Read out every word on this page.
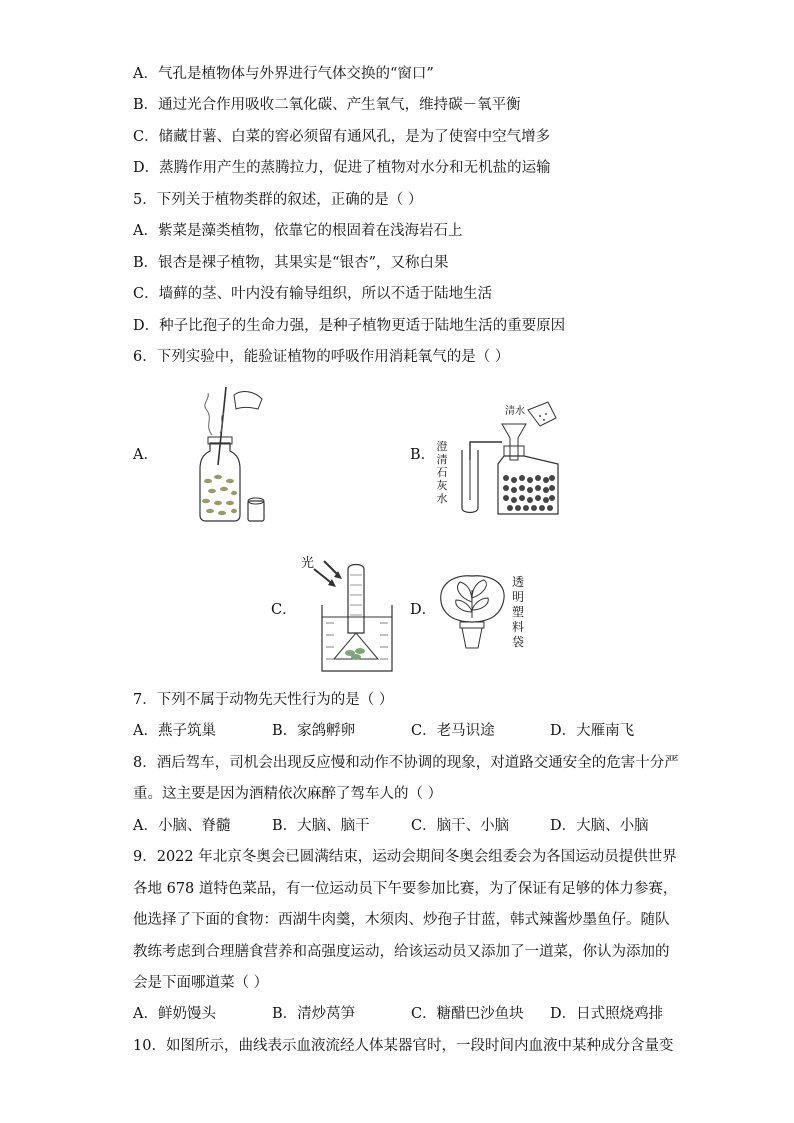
A．气孔是植物体与外界进行气体交换的“窗口”
B．通过光合作用吸收二氧化碳、产生氧气，维持碳－氧平衡
C．储藏甘薯、白菜的窖必须留有通风孔，是为了使窖中空气增多
D．蒸腾作用产生的蒸腾拉力，促进了植物对水分和无机盐的运输
5．下列关于植物类群的叙述，正确的是（ ）
A．紫菜是藻类植物，依靠它的根固着在浅海岩石上
B．银杏是裸子植物，其果实是“银杏”，又称白果
C．墙藓的茎、叶内没有输导组织，所以不适于陆地生活
D．种子比孢子的生命力强，是种子植物更适于陆地生活的重要原因
6．下列实验中，能验证植物的呼吸作用消耗氧气的是（ ）
A．	B．
清水
澄清石灰水
C．
光
D．
透明塑料袋
7．下列不属于动物先天性行为的是（ ）
A．燕子筑巢	B．家鸽孵卵	C．老马识途	D．大雁南飞
8．酒后驾车，司机会出现反应慢和动作不协调的现象，对道路交通安全的危害十分严
重。这主要是因为酒精依次麻醉了驾车人的（ ）
A．小脑、脊髓	B．大脑、脑干	C．脑干、小脑	D．大脑、小脑
9．2022 年北京冬奥会已圆满结束，运动会期间冬奥会组委会为各国运动员提供世界
各地 678 道特色菜品，有一位运动员下午要参加比赛，为了保证有足够的体力参赛，
他选择了下面的食物：西湖牛肉羹，木须肉、炒孢子甘蓝，韩式辣酱炒墨鱼仔。随队
教练考虑到合理膳食营养和高强度运动，给该运动员又添加了一道菜，你认为添加的
会是下面哪道菜（ ）
A．鲜奶馒头	B．清炒莴笋	C．糖醋巴沙鱼块	D．日式照烧鸡排
10．如图所示，曲线表示血液流经人体某器官时，一段时间内血液中某种成分含量变
